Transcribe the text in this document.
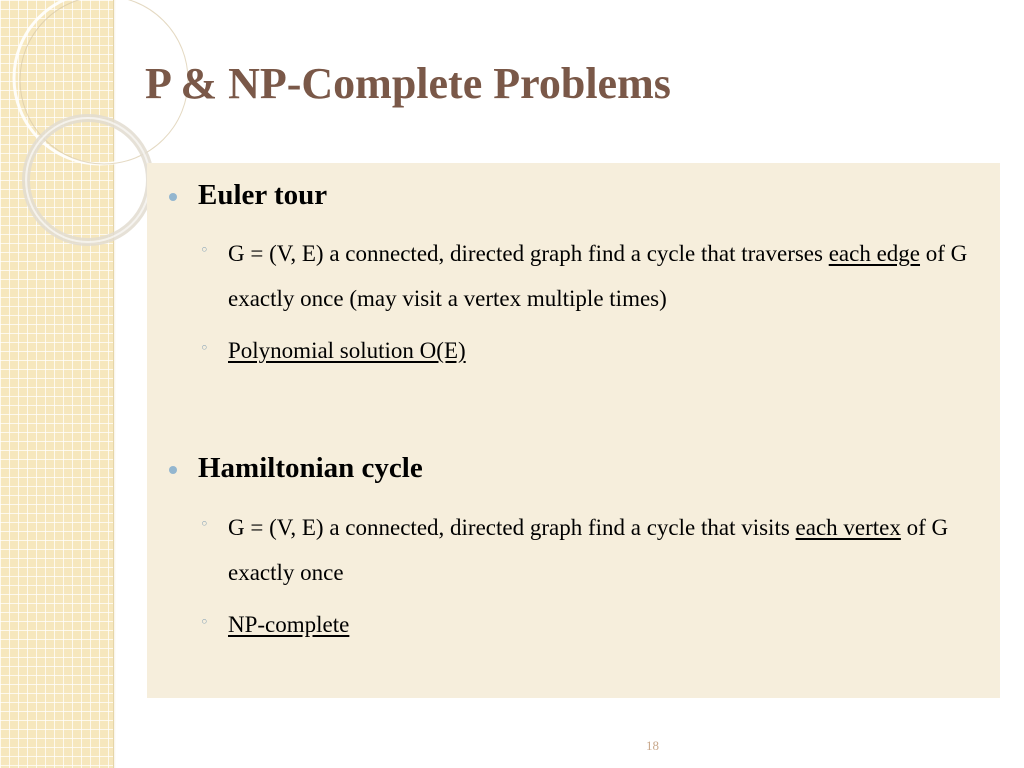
P & NP-Complete Problems
Euler tour
◦ G = (V, E) a connected, directed graph find a cycle that traverses each edge of G exactly once (may visit a vertex multiple times)
◦ Polynomial solution O(E)
Hamiltonian cycle
◦ G = (V, E) a connected, directed graph find a cycle that visits each vertex of G exactly once
◦ NP-complete
18
